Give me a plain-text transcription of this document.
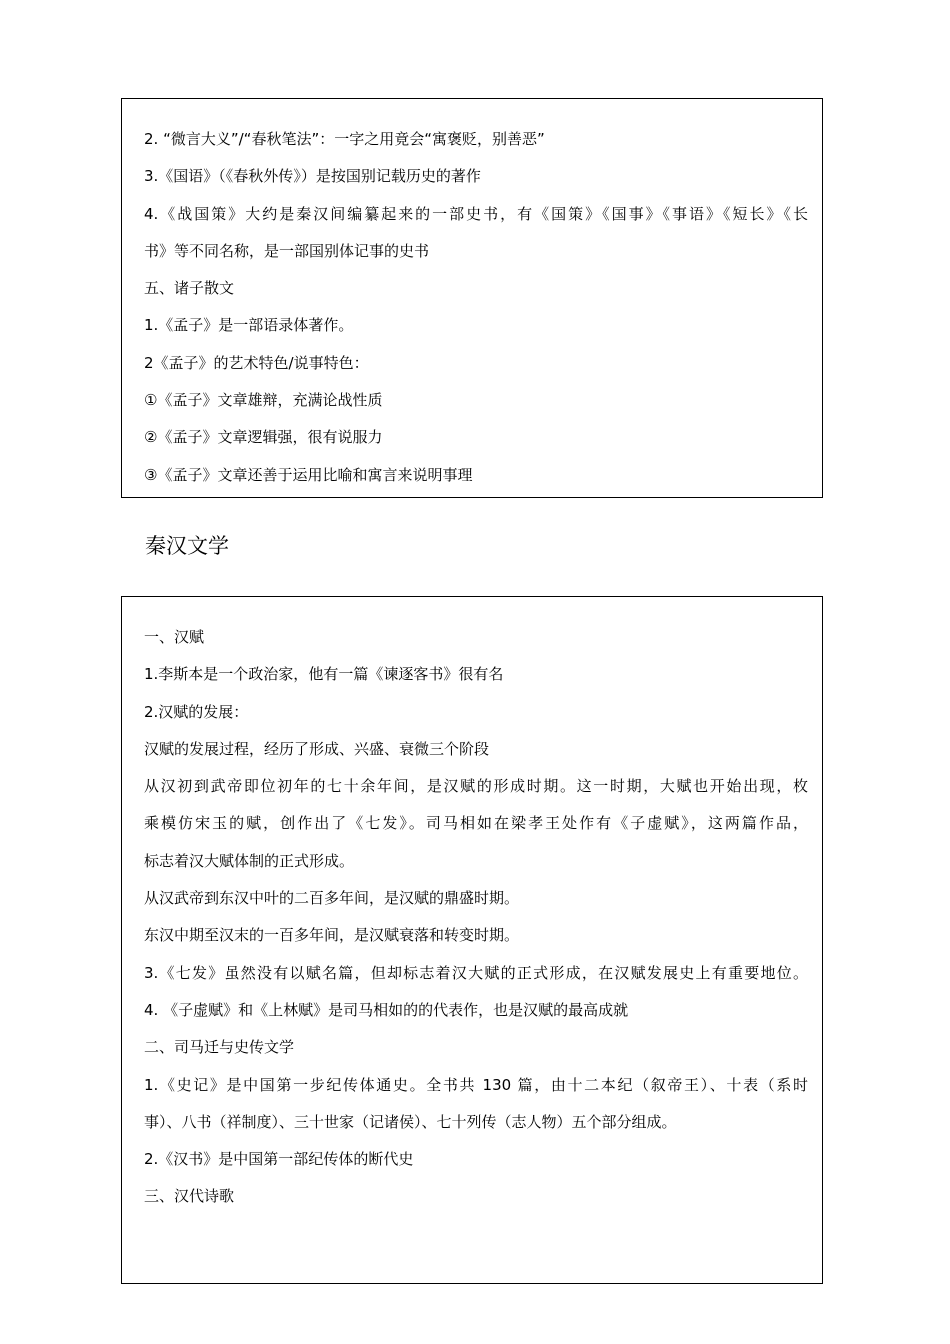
2. “微言大义”/“春秋笔法”：一字之用竟会“寓褒贬，别善恶”
3.《国语》（《春秋外传》）是按国别记载历史的著作
4.《战国策》大约是秦汉间编纂起来的一部史书，有《国策》《国事》《事语》《短长》《长
书》等不同名称，是一部国别体记事的史书
五、诸子散文
1.《孟子》是一部语录体著作。
2《孟子》的艺术特色/说事特色：
①《孟子》文章雄辩，充满论战性质
②《孟子》文章逻辑强，很有说服力
③《孟子》文章还善于运用比喻和寓言来说明事理
秦汉文学
一、汉赋
1.李斯本是一个政治家，他有一篇《谏逐客书》很有名
2.汉赋的发展：
汉赋的发展过程，经历了形成、兴盛、衰微三个阶段
从汉初到武帝即位初年的七十余年间，是汉赋的形成时期。这一时期，大赋也开始出现，枚
乘模仿宋玉的赋，创作出了《七发》。司马相如在梁孝王处作有《子虚赋》，这两篇作品，
标志着汉大赋体制的正式形成。
从汉武帝到东汉中叶的二百多年间，是汉赋的鼎盛时期。
东汉中期至汉末的一百多年间，是汉赋衰落和转变时期。
3.《七发》虽然没有以赋名篇，但却标志着汉大赋的正式形成，在汉赋发展史上有重要地位。
4. 《子虚赋》和《上林赋》是司马相如的的代表作，也是汉赋的最高成就
二、司马迁与史传文学
1.《史记》是中国第一步纪传体通史。全书共 130 篇，由十二本纪（叙帝王）、十表（系时
事）、八书（祥制度）、三十世家（记诸侯）、七十列传（志人物）五个部分组成。
2.《汉书》是中国第一部纪传体的断代史
三、汉代诗歌
